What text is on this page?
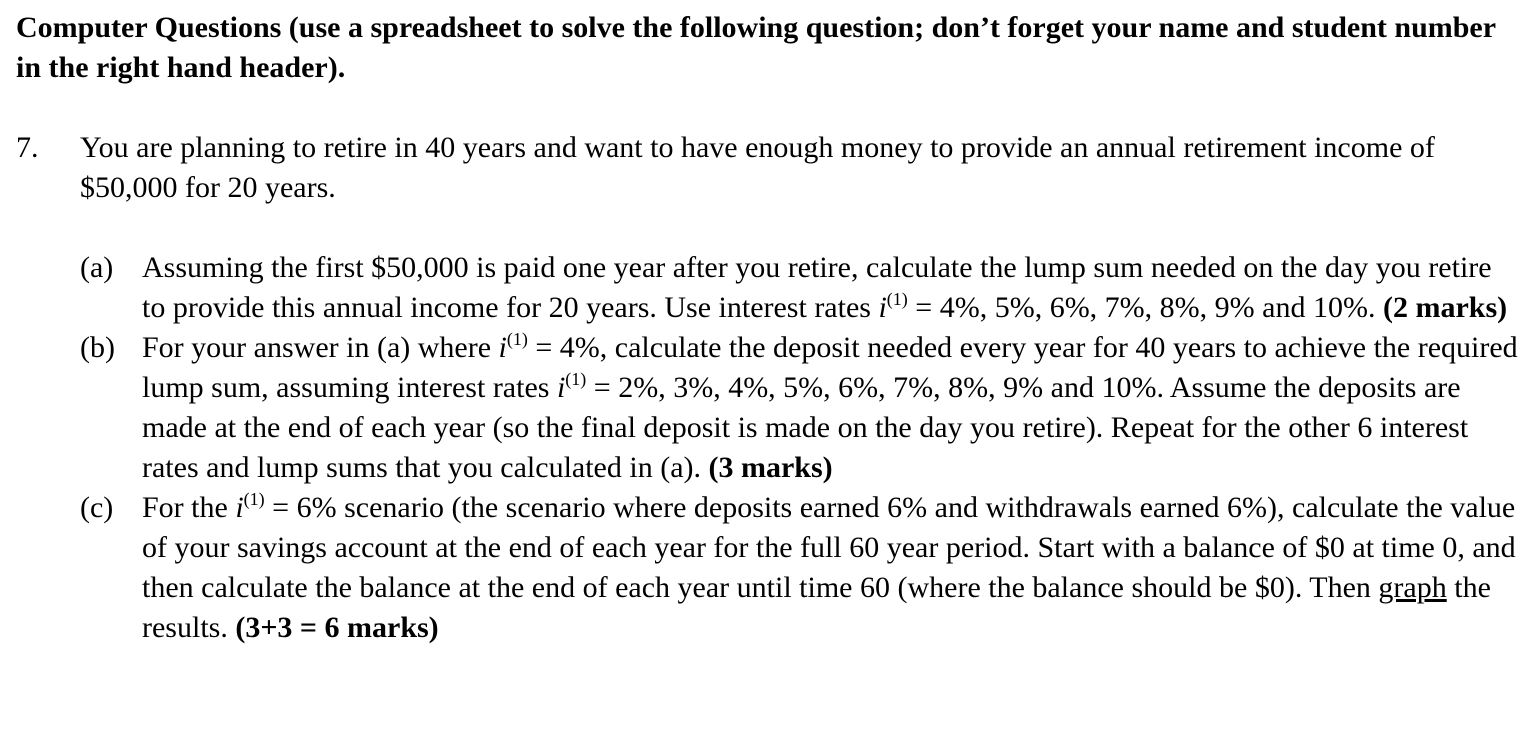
Computer Questions (use a spreadsheet to solve the following question; don’t forget your name and student number in the right hand header).

7. You are planning to retire in 40 years and want to have enough money to provide an annual retirement income of $50,000 for 20 years.
(a) Assuming the first $50,000 is paid one year after you retire, calculate the lump sum needed on the day you retire to provide this annual income for 20 years. Use interest rates $i^{(1)} = 4\%$, 5%, 6%, 7%, 8%, 9% and 10%. (2 marks)
(b) For your answer in (a) where $i^{(1)} = 4\%$, calculate the deposit needed every year for 40 years to achieve the required lump sum, assuming interest rates $i^{(1)} = 2\%$, 3%, 4%, 5%, 6%, 7%, 8%, 9% and 10%. Assume the deposits are made at the end of each year (so the final deposit is made on the day you retire). Repeat for the other 6 interest rates and lump sums that you calculated in (a). (3 marks)
(c) For the $i^{(1)} = 6\%$ scenario (the scenario where deposits earned 6% and withdrawals earned 6%), calculate the value of your savings account at the end of each year for the full 60 year period. Start with a balance of $0 at time 0, and then calculate the balance at the end of each year until time 60 (where the balance should be $0). Then graph the results. (3+3 = 6 marks)
